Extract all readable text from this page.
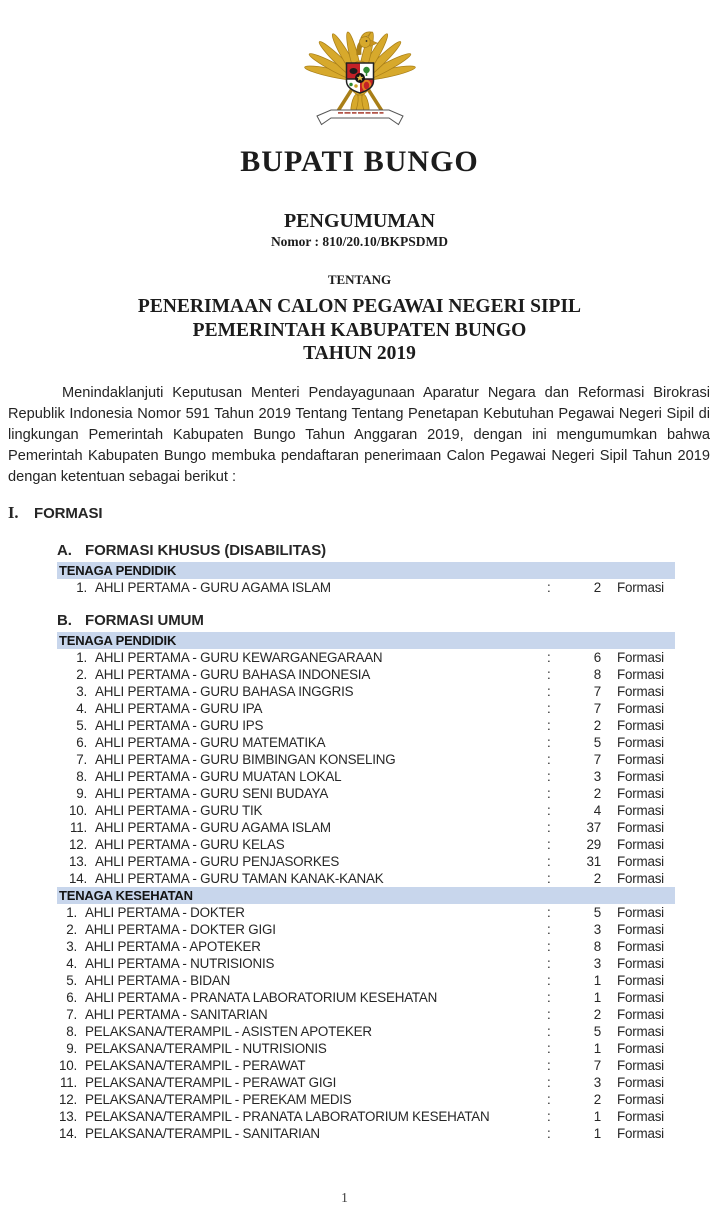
BUPATI BUNGO
PENGUMUMAN
Nomor : 810/20.10/BKPSDMD
TENTANG
PENERIMAAN CALON PEGAWAI NEGERI SIPIL
PEMERINTAH KABUPATEN BUNGO
TAHUN 2019

Menindaklanjuti Keputusan Menteri Pendayagunaan Aparatur Negara dan Reformasi Birokrasi Republik Indonesia Nomor 591 Tahun 2019 Tentang Tentang Penetapan Kebutuhan Pegawai Negeri Sipil di lingkungan Pemerintah Kabupaten Bungo Tahun Anggaran 2019, dengan ini mengumumkan bahwa Pemerintah Kabupaten Bungo membuka pendaftaran penerimaan Calon Pegawai Negeri Sipil Tahun 2019 dengan ketentuan sebagai berikut :

I.	FORMASI
A. FORMASI KHUSUS (DISABILITAS)
TENAGA PENDIDIK
1. AHLI PERTAMA - GURU AGAMA ISLAM	:	2 Formasi
B. FORMASI UMUM
TENAGA PENDIDIK
1. AHLI PERTAMA - GURU KEWARGANEGARAAN	:	6 Formasi
2. AHLI PERTAMA - GURU BAHASA INDONESIA	:	8 Formasi
3. AHLI PERTAMA - GURU BAHASA INGGRIS	:	7 Formasi
4. AHLI PERTAMA - GURU IPA	:	7 Formasi
5. AHLI PERTAMA - GURU IPS	:	2 Formasi
6. AHLI PERTAMA - GURU MATEMATIKA	:	5 Formasi
7. AHLI PERTAMA - GURU BIMBINGAN KONSELING	:	7 Formasi
8. AHLI PERTAMA - GURU MUATAN LOKAL	:	3 Formasi
9. AHLI PERTAMA - GURU SENI BUDAYA	:	2 Formasi
10. AHLI PERTAMA - GURU TIK	:	4 Formasi
11. AHLI PERTAMA - GURU AGAMA ISLAM	:	37 Formasi
12. AHLI PERTAMA - GURU KELAS	:	29 Formasi
13. AHLI PERTAMA - GURU PENJASORKES	:	31 Formasi
14. AHLI PERTAMA - GURU TAMAN KANAK-KANAK	:	2 Formasi
TENAGA KESEHATAN
1. AHLI PERTAMA - DOKTER	:	5 Formasi
2. AHLI PERTAMA - DOKTER GIGI	:	3 Formasi
3. AHLI PERTAMA - APOTEKER	:	8 Formasi
4. AHLI PERTAMA - NUTRISIONIS	:	3 Formasi
5. AHLI PERTAMA - BIDAN	:	1 Formasi
6. AHLI PERTAMA - PRANATA LABORATORIUM KESEHATAN	:	1 Formasi
7. AHLI PERTAMA - SANITARIAN	:	2 Formasi
8. PELAKSANA/TERAMPIL - ASISTEN APOTEKER	:	5 Formasi
9. PELAKSANA/TERAMPIL - NUTRISIONIS	:	1 Formasi
10. PELAKSANA/TERAMPIL - PERAWAT	:	7 Formasi
11. PELAKSANA/TERAMPIL - PERAWAT GIGI	:	3 Formasi
12. PELAKSANA/TERAMPIL - PEREKAM MEDIS	:	2 Formasi
13. PELAKSANA/TERAMPIL - PRANATA LABORATORIUM KESEHATAN	:	1 Formasi
14. PELAKSANA/TERAMPIL - SANITARIAN	:	1 Formasi
1
